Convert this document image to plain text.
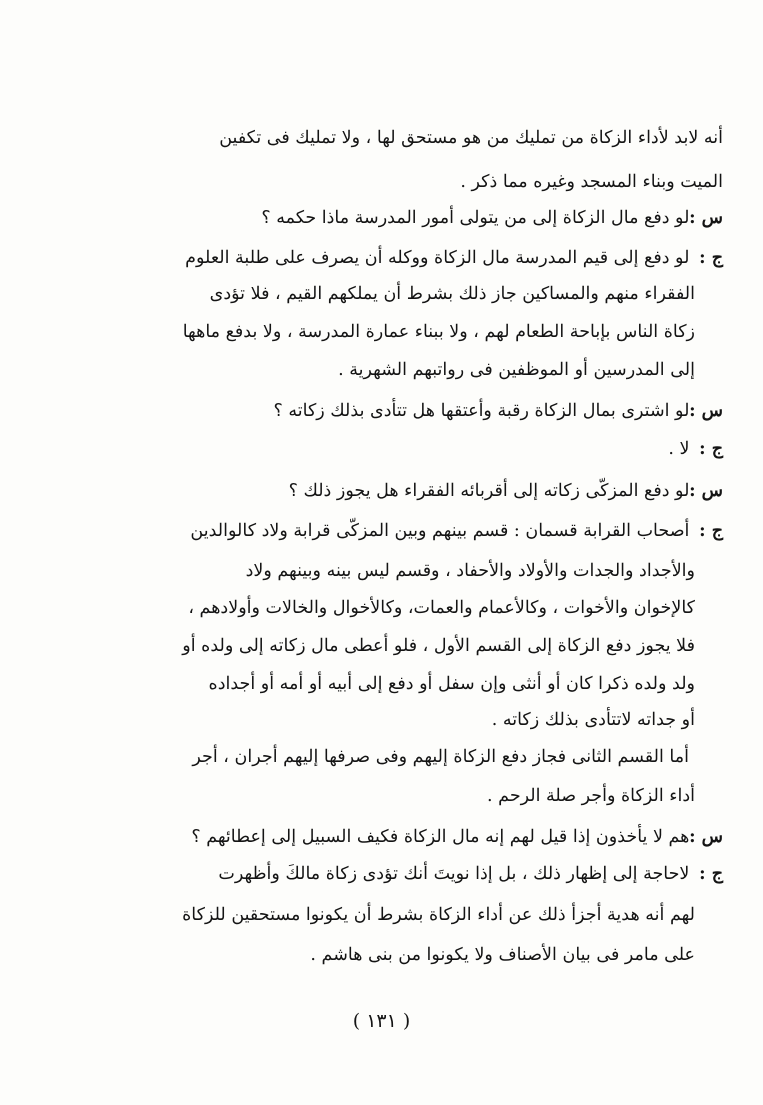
أنه لابد لأداء الزكاة من تمليك من هو مستحق لها ، ولا تمليك فى تكفين
الميت وبناء المسجد وغيره مما ذكر .
س : لو دفع مال الزكاة إلى من يتولى أمور المدرسة ماذا حكمه ؟
ج : لو دفع إلى قيم المدرسة مال الزكاة ووكله أن يصرف على طلبة العلوم
الفقراء منهم والمساكين جاز ذلك بشرط أن يملكهم القيم ، فلا تؤدى
زكاة الناس بإباحة الطعام لهم ، ولا ببناء عمارة المدرسة ، ولا بدفع ماهها
إلى المدرسين أو الموظفين فى رواتبهم الشهرية .
س : لو اشترى بمال الزكاة رقبة وأعتقها هل تتأدى بذلك زكاته ؟
ج : لا .
س : لو دفع المزكّى زكاته إلى أقربائه الفقراء هل يجوز ذلك ؟
ج : أصحاب القرابة قسمان : قسم بينهم وبين المزكّى قرابة ولاد كالوالدين
والأجداد والجدات والأولاد والأحفاد ، وقسم ليس بينه وبينهم ولاد
كالإخوان والأخوات ، وكالأعمام والعمات، وكالأخوال والخالات وأولادهم ،
فلا يجوز دفع الزكاة إلى القسم الأول ، فلو أعطى مال زكاته إلى ولده أو
ولد ولده ذكرا كان أو أنثى وإن سفل أو دفع إلى أبيه أو أمه أو أجداده
أو جداته لاتتأدى بذلك زكاته .
أما القسم الثانى فجاز دفع الزكاة إليهم وفى صرفها إليهم أجران ، أجر
أداء الزكاة وأجر صلة الرحم .
س : هم لا يأخذون إذا قيل لهم إنه مال الزكاة فكيف السبيل إلى إعطائهم ؟
ج : لاحاجة إلى إظهار ذلك ، بل إذا نويتَ أنك تؤدى زكاة مالكَ وأظهرت
لهم أنه هدية أجزأ ذلك عن أداء الزكاة بشرط أن يكونوا مستحقين للزكاة
على مامر فى بيان الأصناف ولا يكونوا من بنى هاشم .
( ١٣١ )
